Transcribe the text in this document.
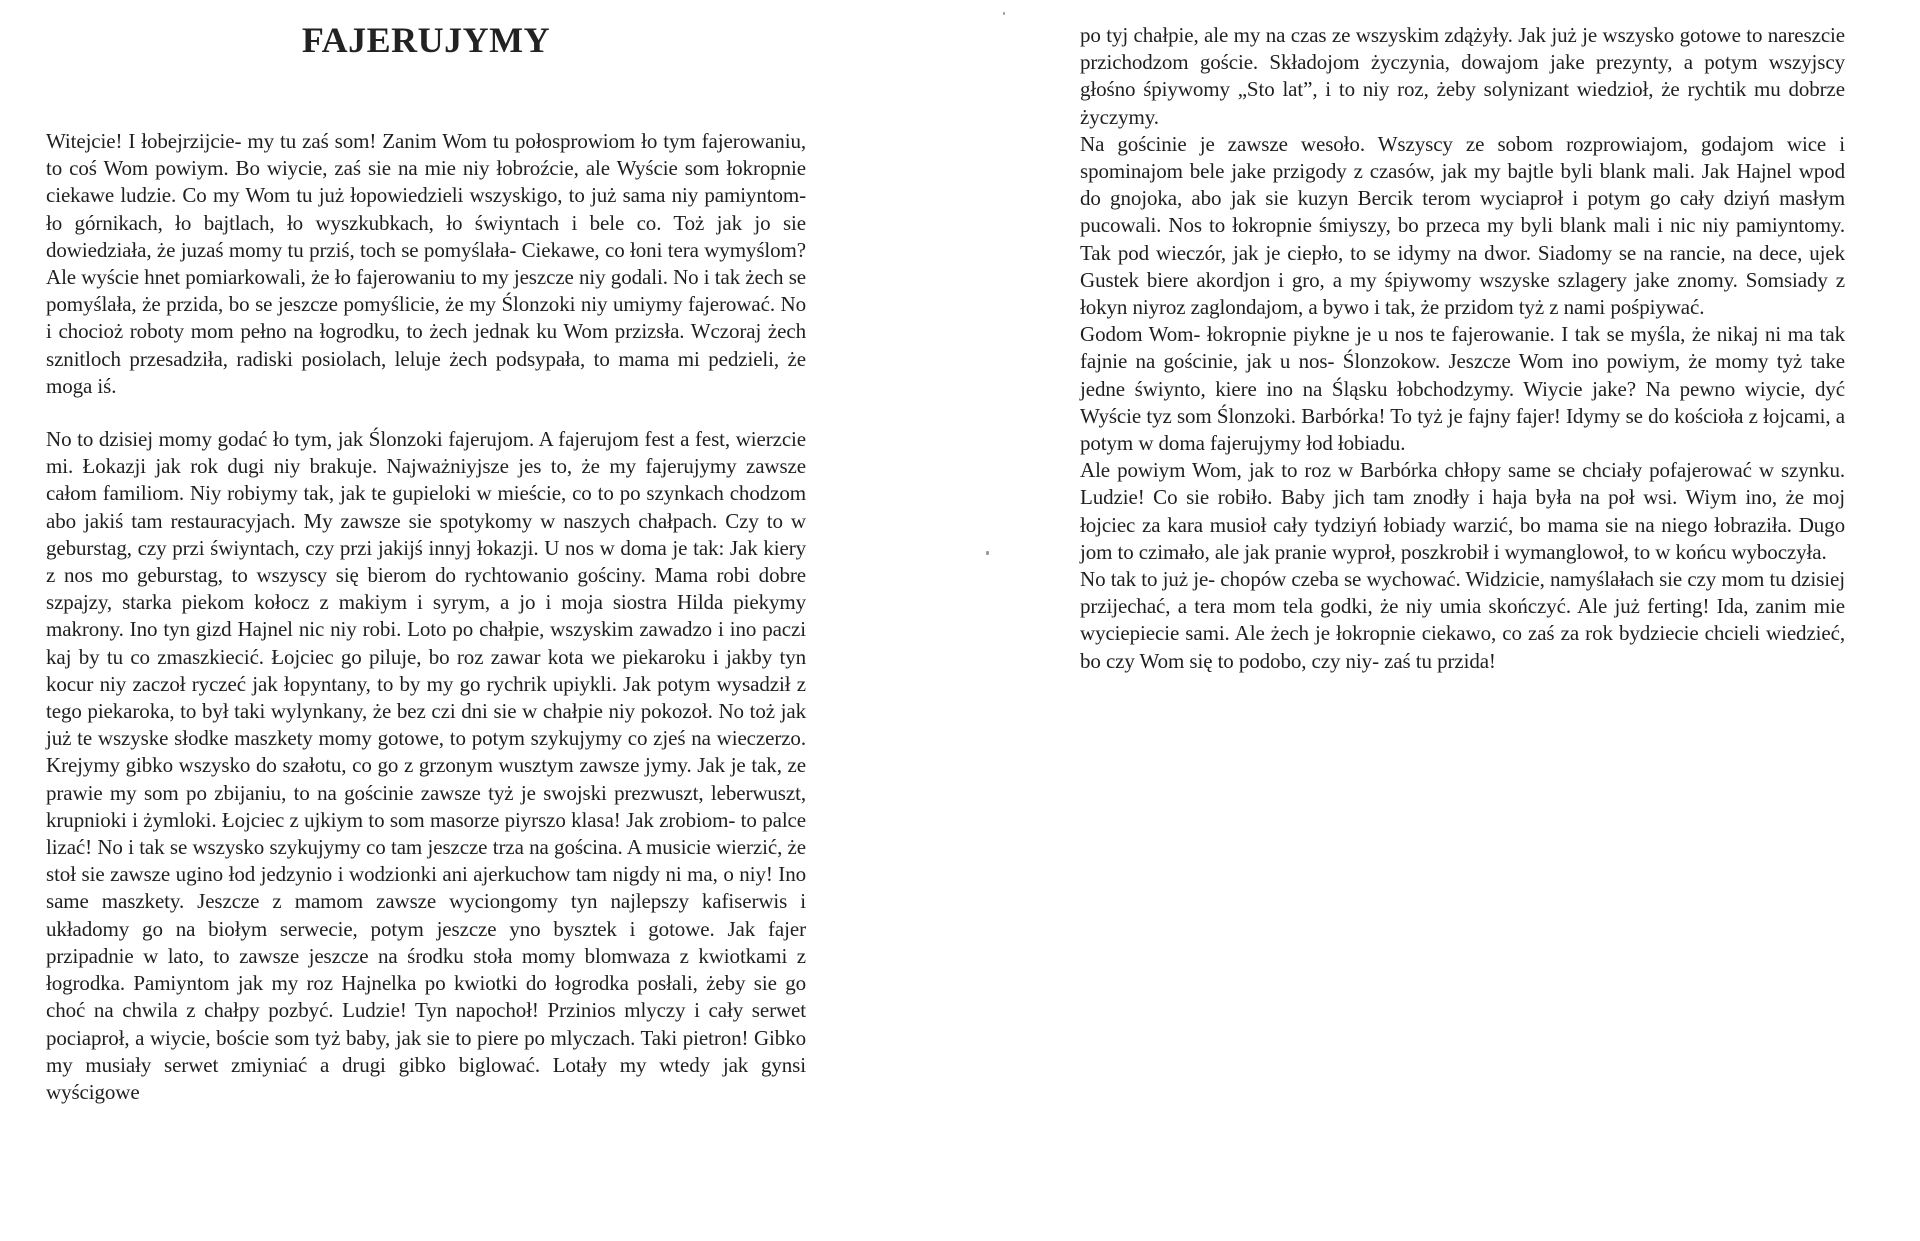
FAJERUJYMY

Witejcie! I łobejrzijcie- my tu zaś som! Zanim Wom tu połosprowiom ło tym fajerowaniu, to coś Wom powiym. Bo wiycie, zaś sie na mie niy łobroźcie, ale Wyście som łokropnie ciekawe ludzie. Co my Wom tu już łopowiedzieli wszyskigo, to już sama niy pamiyntom- ło górnikach, ło bajtlach, ło wyszkubkach, ło świyntach i bele co. Toż jak jo sie dowiedziała, że juzaś momy tu prziś, toch se pomyślała- Ciekawe, co łoni tera wymyślom? Ale wyście hnet pomiarkowali, że ło fajerowaniu to my jeszcze niy godali. No i tak żech se pomyślała, że przida, bo se jeszcze pomyślicie, że my Ślonzoki niy umiymy fajerować. No i chocioż roboty mom pełno na łogrodku, to żech jednak ku Wom przizsła. Wczoraj żech sznitloch przesadziła, radiski posiolach, leluje żech podsypała, to mama mi pedzieli, że moga iś.

No to dzisiej momy godać ło tym, jak Ślonzoki fajerujom. A fajerujom fest a fest, wierzcie mi. Łokazji jak rok dugi niy brakuje. Najważniyjsze jes to, że my fajerujymy zawsze całom familiom. Niy robiymy tak, jak te gupieloki w mieście, co to po szynkach chodzom abo jakiś tam restauracyjach. My zawsze sie spotykomy w naszych chałpach. Czy to w geburstag, czy przi świyntach, czy przi jakijś innyj łokazji. U nos w doma je tak: Jak kiery z nos mo geburstag, to wszyscy się bierom do rychtowanio gościny. Mama robi dobre szpajzy, starka piekom kołocz z makiym i syrym, a jo i moja siostra Hilda piekymy makrony. Ino tyn gizd Hajnel nic niy robi. Loto po chałpie, wszyskim zawadzo i ino paczi kaj by tu co zmaszkiecić. Łojciec go piluje, bo roz zawar kota we piekaroku i jakby tyn kocur niy zaczoł ryczeć jak łopyntany, to by my go rychrik upiykli. Jak potym wysadził z tego piekaroka, to był taki wylynkany, że bez czi dni sie w chałpie niy pokozoł. No toż jak już te wszyske słodke maszkety momy gotowe, to potym szykujymy co zjeś na wieczerzo. Krejymy gibko wszysko do szałotu, co go z grzonym wusztym zawsze jymy. Jak je tak, ze prawie my som po zbijaniu, to na gościnie zawsze tyż je swojski prezwuszt, leberwuszt, krupnioki i żymloki. Łojciec z ujkiym to som masorze piyrszo klasa! Jak zrobiom- to palce lizać! No i tak se wszysko szykujymy co tam jeszcze trza na gościna. A musicie wierzić, że stoł sie zawsze ugino łod jedzynio i wodzionki ani ajerkuchow tam nigdy ni ma, o niy! Ino same maszkety. Jeszcze z mamom zawsze wyciongomy tyn najlepszy kafiserwis i układomy go na biołym serwecie, potym jeszcze yno bysztek i gotowe. Jak fajer przipadnie w lato, to zawsze jeszcze na środku stoła momy blomwaza z kwiotkami z łogrodka. Pamiyntom jak my roz Hajnelka po kwiotki do łogrodka posłali, żeby sie go choć na chwila z chałpy pozbyć. Ludzie! Tyn napochoł! Przinios mlyczy i cały serwet pociaproł, a wiycie, boście som tyż baby, jak sie to piere po mlyczach. Taki pietron! Gibko my musiały serwet zmiyniać a drugi gibko biglować. Lotały my wtedy jak gynsi wyścigowe

po tyj chałpie, ale my na czas ze wszyskim zdążyły. Jak już je wszysko gotowe to nareszcie przichodzom goście. Składojom życzynia, dowajom jake prezynty, a potym wszyjscy głośno śpiywomy „Sto lat”, i to niy roz, żeby solynizant wiedzioł, że rychtik mu dobrze życzymy.

Na gościnie je zawsze wesoło. Wszyscy ze sobom rozprowiajom, godajom wice i spominajom bele jake przigody z czasów, jak my bajtle byli blank mali. Jak Hajnel wpod do gnojoka, abo jak sie kuzyn Bercik terom wyciaproł i potym go cały dziyń masłym pucowali. Nos to łokropnie śmiyszy, bo przeca my byli blank mali i nic niy pamiyntomy. Tak pod wieczór, jak je ciepło, to se idymy na dwor. Siadomy se na rancie, na dece, ujek Gustek biere akordjon i gro, a my śpiywomy wszyske szlagery jake znomy. Somsiady z łokyn niyroz zaglondajom, a bywo i tak, że przidom tyż z nami pośpiywać.

Godom Wom- łokropnie piykne je u nos te fajerowanie. I tak se myśla, że nikaj ni ma tak fajnie na gościnie, jak u nos- Ślonzokow. Jeszcze Wom ino powiym, że momy tyż take jedne świynto, kiere ino na Śląsku łobchodzymy. Wiycie jake? Na pewno wiycie, dyć Wyście tyz som Ślonzoki. Barbórka! To tyż je fajny fajer! Idymy se do kościoła z łojcami, a potym w doma fajerujymy łod łobiadu.

Ale powiym Wom, jak to roz w Barbórka chłopy same se chciały pofajerować w szynku. Ludzie! Co sie robiło. Baby jich tam znodły i haja była na poł wsi. Wiym ino, że moj łojciec za kara musioł cały tydziyń łobiady warzić, bo mama sie na niego łobraziła. Dugo jom to czimało, ale jak pranie wyproł, poszkrobił i wymanglowoł, to w końcu wyboczyła.

No tak to już je- chopów czeba se wychować. Widzicie, namyślałach sie czy mom tu dzisiej przijechać, a tera mom tela godki, że niy umia skończyć. Ale już ferting! Ida, zanim mie wyciepiecie sami. Ale żech je łokropnie ciekawo, co zaś za rok bydziecie chcieli wiedzieć, bo czy Wom się to podobo, czy niy- zaś tu przida!
